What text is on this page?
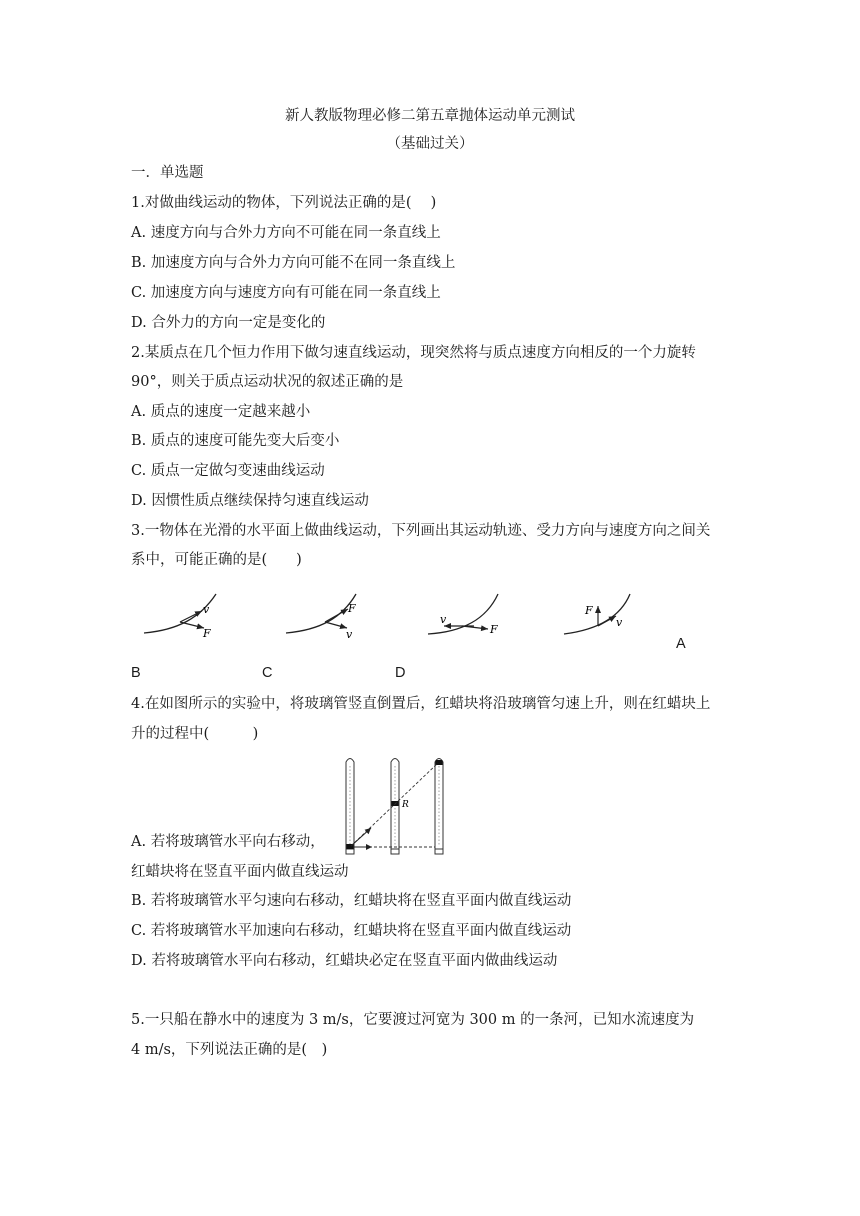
新人教版物理必修二第五章抛体运动单元测试
（基础过关）
一．单选题
1.对做曲线运动的物体，下列说法正确的是(　 )
A. 速度方向与合外力方向不可能在同一条直线上
B. 加速度方向与合外力方向可能不在同一条直线上
C. 加速度方向与速度方向有可能在同一条直线上
D. 合外力的方向一定是变化的
2.某质点在几个恒力作用下做匀速直线运动，现突然将与质点速度方向相反的一个力旋转
90°，则关于质点运动状况的叙述正确的是
A. 质点的速度一定越来越小
B. 质点的速度可能先变大后变小
C. 质点一定做匀变速曲线运动
D. 因惯性质点继续保持匀速直线运动
3.一物体在光滑的水平面上做曲线运动，下列画出其运动轨迹、受力方向与速度方向之间关
系中，可能正确的是(　　)
v
F
F
v
v
F
F
v
A
B	C	D
4.在如图所示的实验中，将玻璃管竖直倒置后，红蜡块将沿玻璃管匀速上升，则在红蜡块上
升的过程中(　　　)
R
A. 若将玻璃管水平向右移动，
红蜡块将在竖直平面内做直线运动
B. 若将玻璃管水平匀速向右移动，红蜡块将在竖直平面内做直线运动
C. 若将玻璃管水平加速向右移动，红蜡块将在竖直平面内做直线运动
D. 若将玻璃管水平向右移动，红蜡块必定在竖直平面内做曲线运动
5.一只船在静水中的速度为 3 m/s，它要渡过河宽为 300 m 的一条河，已知水流速度为
4 m/s，下列说法正确的是(　)
